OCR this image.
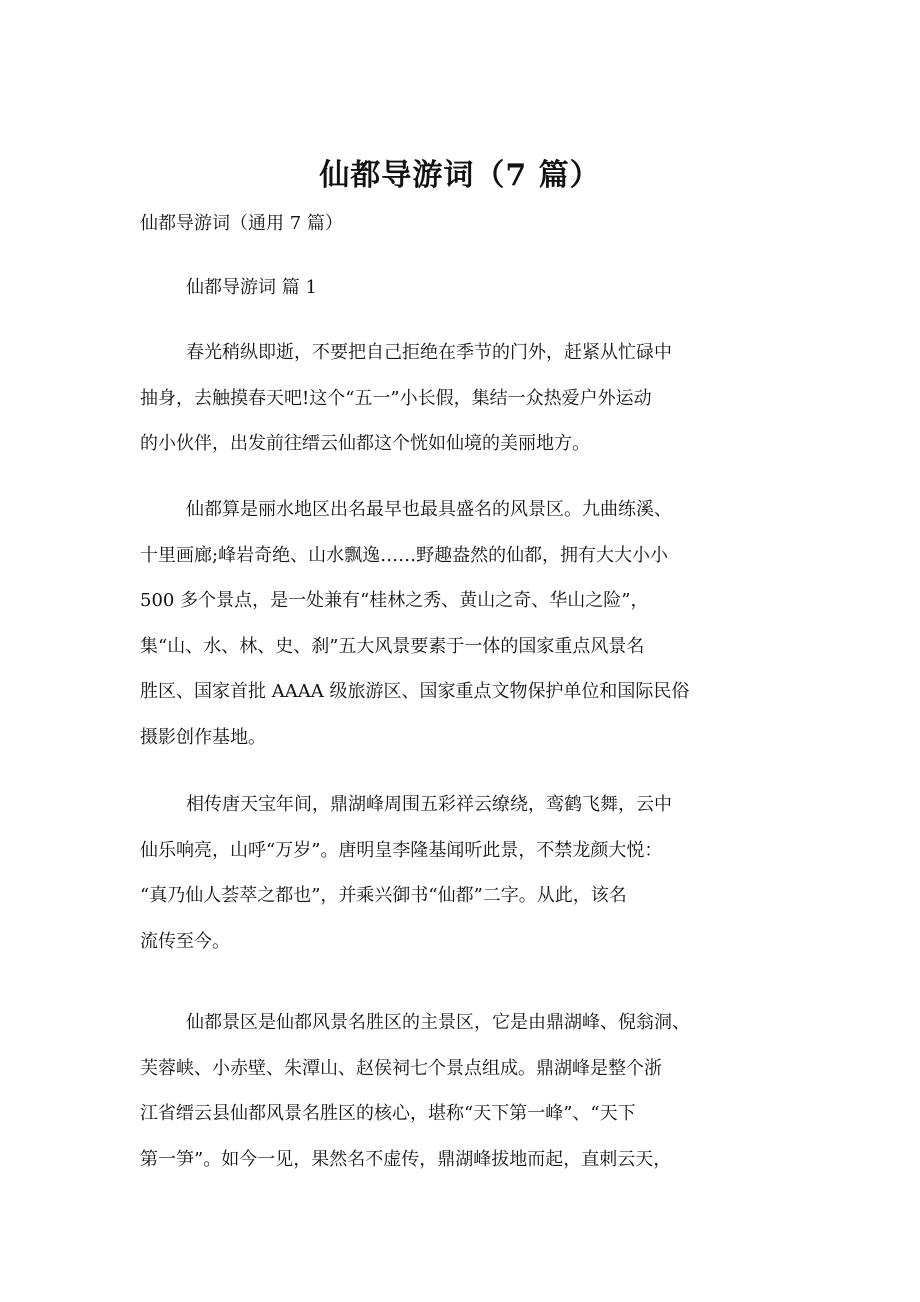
仙都导游词（7 篇）
仙都导游词（通用 7 篇）
仙都导游词 篇 1
春光稍纵即逝，不要把自己拒绝在季节的门外，赶紧从忙碌中
抽身，去触摸春天吧!这个“五一”小长假，集结一众热爱户外运动
的小伙伴，出发前往缙云仙都这个恍如仙境的美丽地方。
仙都算是丽水地区出名最早也最具盛名的风景区。九曲练溪、
十里画廊;峰岩奇绝、山水飘逸……野趣盎然的仙都，拥有大大小小
500 多个景点，是一处兼有“桂林之秀、黄山之奇、华山之险”，
集“山、水、林、史、刹”五大风景要素于一体的国家重点风景名
胜区、国家首批 AAAA 级旅游区、国家重点文物保护单位和国际民俗
摄影创作基地。
相传唐天宝年间，鼎湖峰周围五彩祥云缭绕，鸾鹤飞舞，云中
仙乐响亮，山呼“万岁”。唐明皇李隆基闻听此景，不禁龙颜大悦：
“真乃仙人荟萃之都也”，并乘兴御书“仙都”二字。从此，该名
流传至今。
仙都景区是仙都风景名胜区的主景区，它是由鼎湖峰、倪翁洞、
芙蓉峡、小赤壁、朱潭山、赵侯祠七个景点组成。鼎湖峰是整个浙
江省缙云县仙都风景名胜区的核心，堪称“天下第一峰”、“天下
第一笋”。如今一见，果然名不虚传，鼎湖峰拔地而起，直刺云天，
